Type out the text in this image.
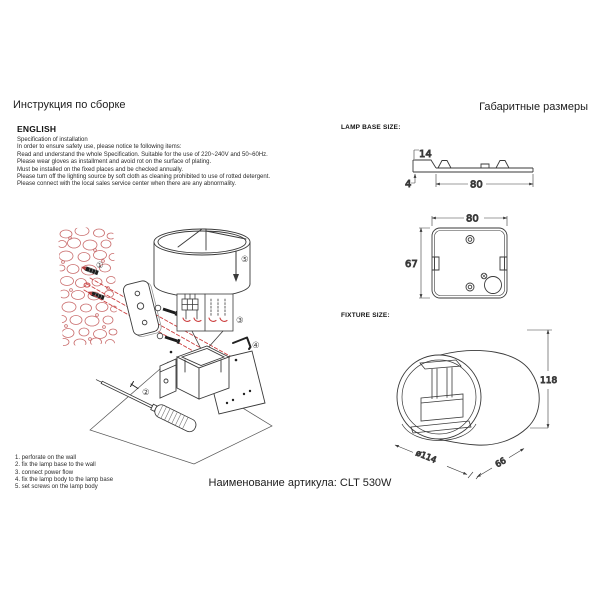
①
②
③
④
⑤
14
4	80
80
67
118
ø114	66
Инструкция по сборке	Габаритные размеры
ENGLISH
Specification of installation
In order to ensure safety use, please notice te following items:
Read and understand the whole Specification. Suitable for the use of 220~240V and 50~60Hz.
Please wear gloves as installment and avoid rot on the surface of plating.
Must be installed on the fixed places and be checked annually.
Please turn off the lighting source by soft cloth as cleaning prohibited to use of rotted detergent.
Please connect with the local sales service center when there are any abnormality.
LAMP BASE SIZE:
FIXTURE SIZE:
1. perforate on the wall
2. fix the lamp base to the wall
3. connect power flow
4. fix the lamp body to the lamp base
5. set screws on the lamp body	Наименование артикула: CLT 530W
